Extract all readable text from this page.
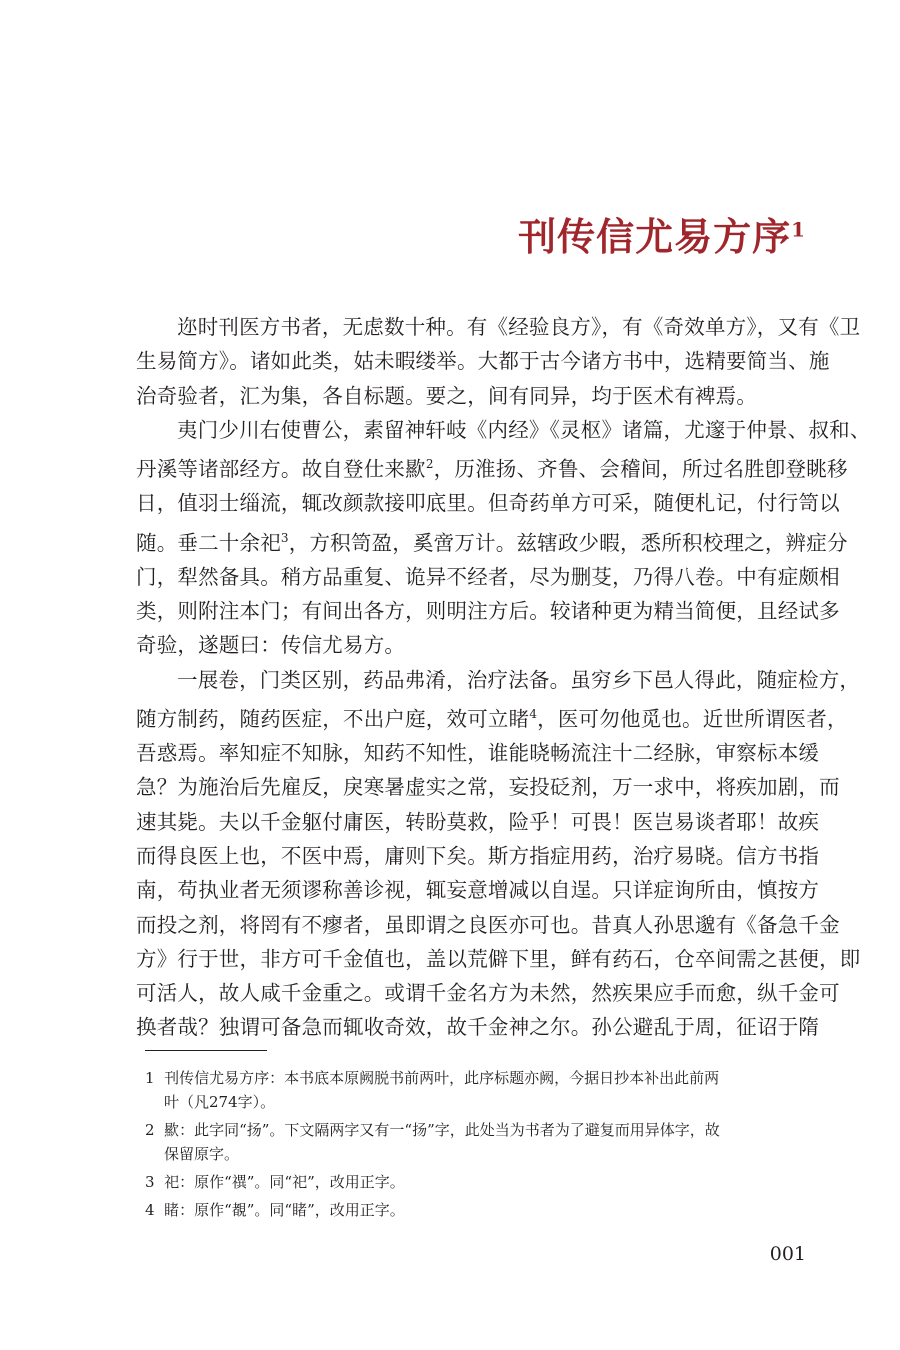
刊传信尤易方序$^1$

迩时刊医方书者，无虑数十种。有《经验良方》，有《奇效单方》，又有《卫
生易简方》。诸如此类，姑未暇缕举。大都于古今诸方书中，选精要简当、施
治奇验者，汇为集，各自标题。要之，间有同异，均于医术有裨焉。

夷门少川右使曹公，素留神轩岐《内经》《灵枢》诸篇，尤邃于仲景、叔和、
丹溪等诸部经方。故自登仕来歞$^2$，历淮扬、齐鲁、会稽间，所过名胜卽登眺移
日，值羽士缁流，辄改颜款接叩底里。但奇药单方可采，随便札记，付行笥以
随。垂二十余祀$^3$，方积笥盈，奚啻万计。兹辖政少暇，悉所积校理之，辨症分
门，犁然备具。稍方品重复、诡异不经者，尽为删芟，乃得八卷。中有症颇相
类，则附注本门；有间出各方，则明注方后。较诸种更为精当简便，且经试多
奇验，遂题曰：传信尤易方。

一展卷，门类区别，药品弗淆，治疗法备。虽穷乡下邑人得此，随症检方，
随方制药，随药医症，不出户庭，效可立睹$^4$，医可勿他觅也。近世所谓医者，
吾惑焉。率知症不知脉，知药不知性，谁能晓畅流注十二经脉，审察标本缓
急？为施治后先雇反，戾寒暑虚实之常，妄投砭剂，万一求中，将疾加剧，而
速其毙。夫以千金躯付庸医，转盼莫救，险乎！可畏！医岂易谈者耶！故疾
而得良医上也，不医中焉，庸则下矣。斯方指症用药，治疗易晓。信方书指
南，苟执业者无须谬称善诊视，辄妄意增减以自逞。只详症询所由，慎按方
而投之剂，将罔有不瘳者，虽即谓之良医亦可也。昔真人孙思邈有《备急千金
方》行于世，非方可千金值也，盖以荒僻下里，鲜有药石，仓卒间需之甚便，即
可活人，故人咸千金重之。或谓千金名方为未然，然疾果应手而愈，纵千金可
换者哉？独谓可备急而辄收奇效，故千金神之尔。孙公避乱于周，征诏于隋

1 刊传信尤易方序：本书底本原阙脱书前两叶，此序标题亦阙，今据日抄本补出此前两
叶（凡274字）。
2 歞：此字同“扬”。下文隔两字又有一“扬”字，此处当为书者为了避复而用异体字，故
保留原字。
3 祀：原作“禩”。同“祀”，改用正字。
4 睹：原作“覩”。同“睹”，改用正字。
001
